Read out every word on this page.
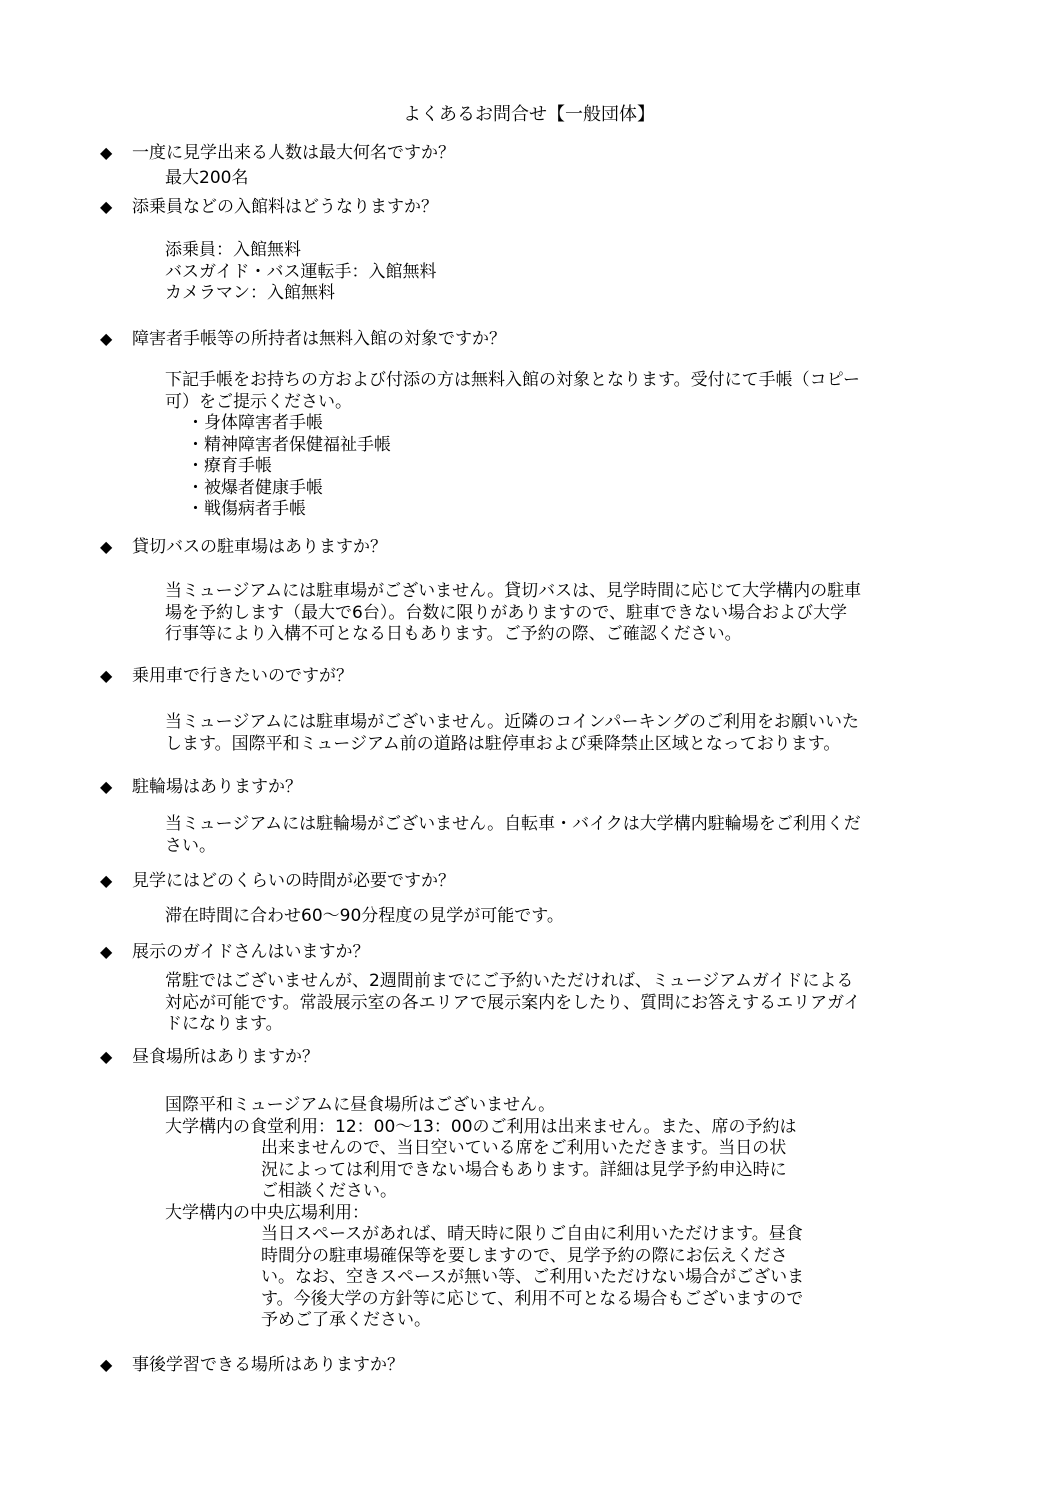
よくあるお問合せ【一般団体】
◆ 一度に見学出来る人数は最大何名ですか？
最大200名
◆ 添乗員などの入館料はどうなりますか？
添乗員：入館無料
バスガイド・バス運転手：入館無料
カメラマン：入館無料
◆ 障害者手帳等の所持者は無料入館の対象ですか？
下記手帳をお持ちの方および付添の方は無料入館の対象となります。受付にて手帳（コピー
可）をご提示ください。
・身体障害者手帳
・精神障害者保健福祉手帳
・療育手帳
・被爆者健康手帳
・戦傷病者手帳
◆ 貸切バスの駐車場はありますか？
当ミュージアムには駐車場がございません。貸切バスは、見学時間に応じて大学構内の駐車
場を予約します（最大で6台）。台数に限りがありますので、駐車できない場合および大学
行事等により入構不可となる日もあります。ご予約の際、ご確認ください。
◆ 乗用車で行きたいのですが？
当ミュージアムには駐車場がございません。近隣のコインパーキングのご利用をお願いいた
します。国際平和ミュージアム前の道路は駐停車および乗降禁止区域となっております。
◆ 駐輪場はありますか？
当ミュージアムには駐輪場がございません。自転車・バイクは大学構内駐輪場をご利用くだ
さい。
◆ 見学にはどのくらいの時間が必要ですか？
滞在時間に合わせ60～90分程度の見学が可能です。
◆ 展示のガイドさんはいますか？
常駐ではございませんが、2週間前までにご予約いただければ、ミュージアムガイドによる
対応が可能です。常設展示室の各エリアで展示案内をしたり、質問にお答えするエリアガイ
ドになります。
◆ 昼食場所はありますか？
国際平和ミュージアムに昼食場所はございません。
大学構内の食堂利用：12：00～13：00のご利用は出来ません。また、席の予約は
出来ませんので、当日空いている席をご利用いただきます。当日の状
況によっては利用できない場合もあります。詳細は見学予約申込時に
ご相談ください。
大学構内の中央広場利用：
当日スペースがあれば、晴天時に限りご自由に利用いただけます。昼食
時間分の駐車場確保等を要しますので、見学予約の際にお伝えくださ
い。なお、空きスペースが無い等、ご利用いただけない場合がございま
す。今後大学の方針等に応じて、利用不可となる場合もございますので
予めご了承ください。
◆ 事後学習できる場所はありますか？
